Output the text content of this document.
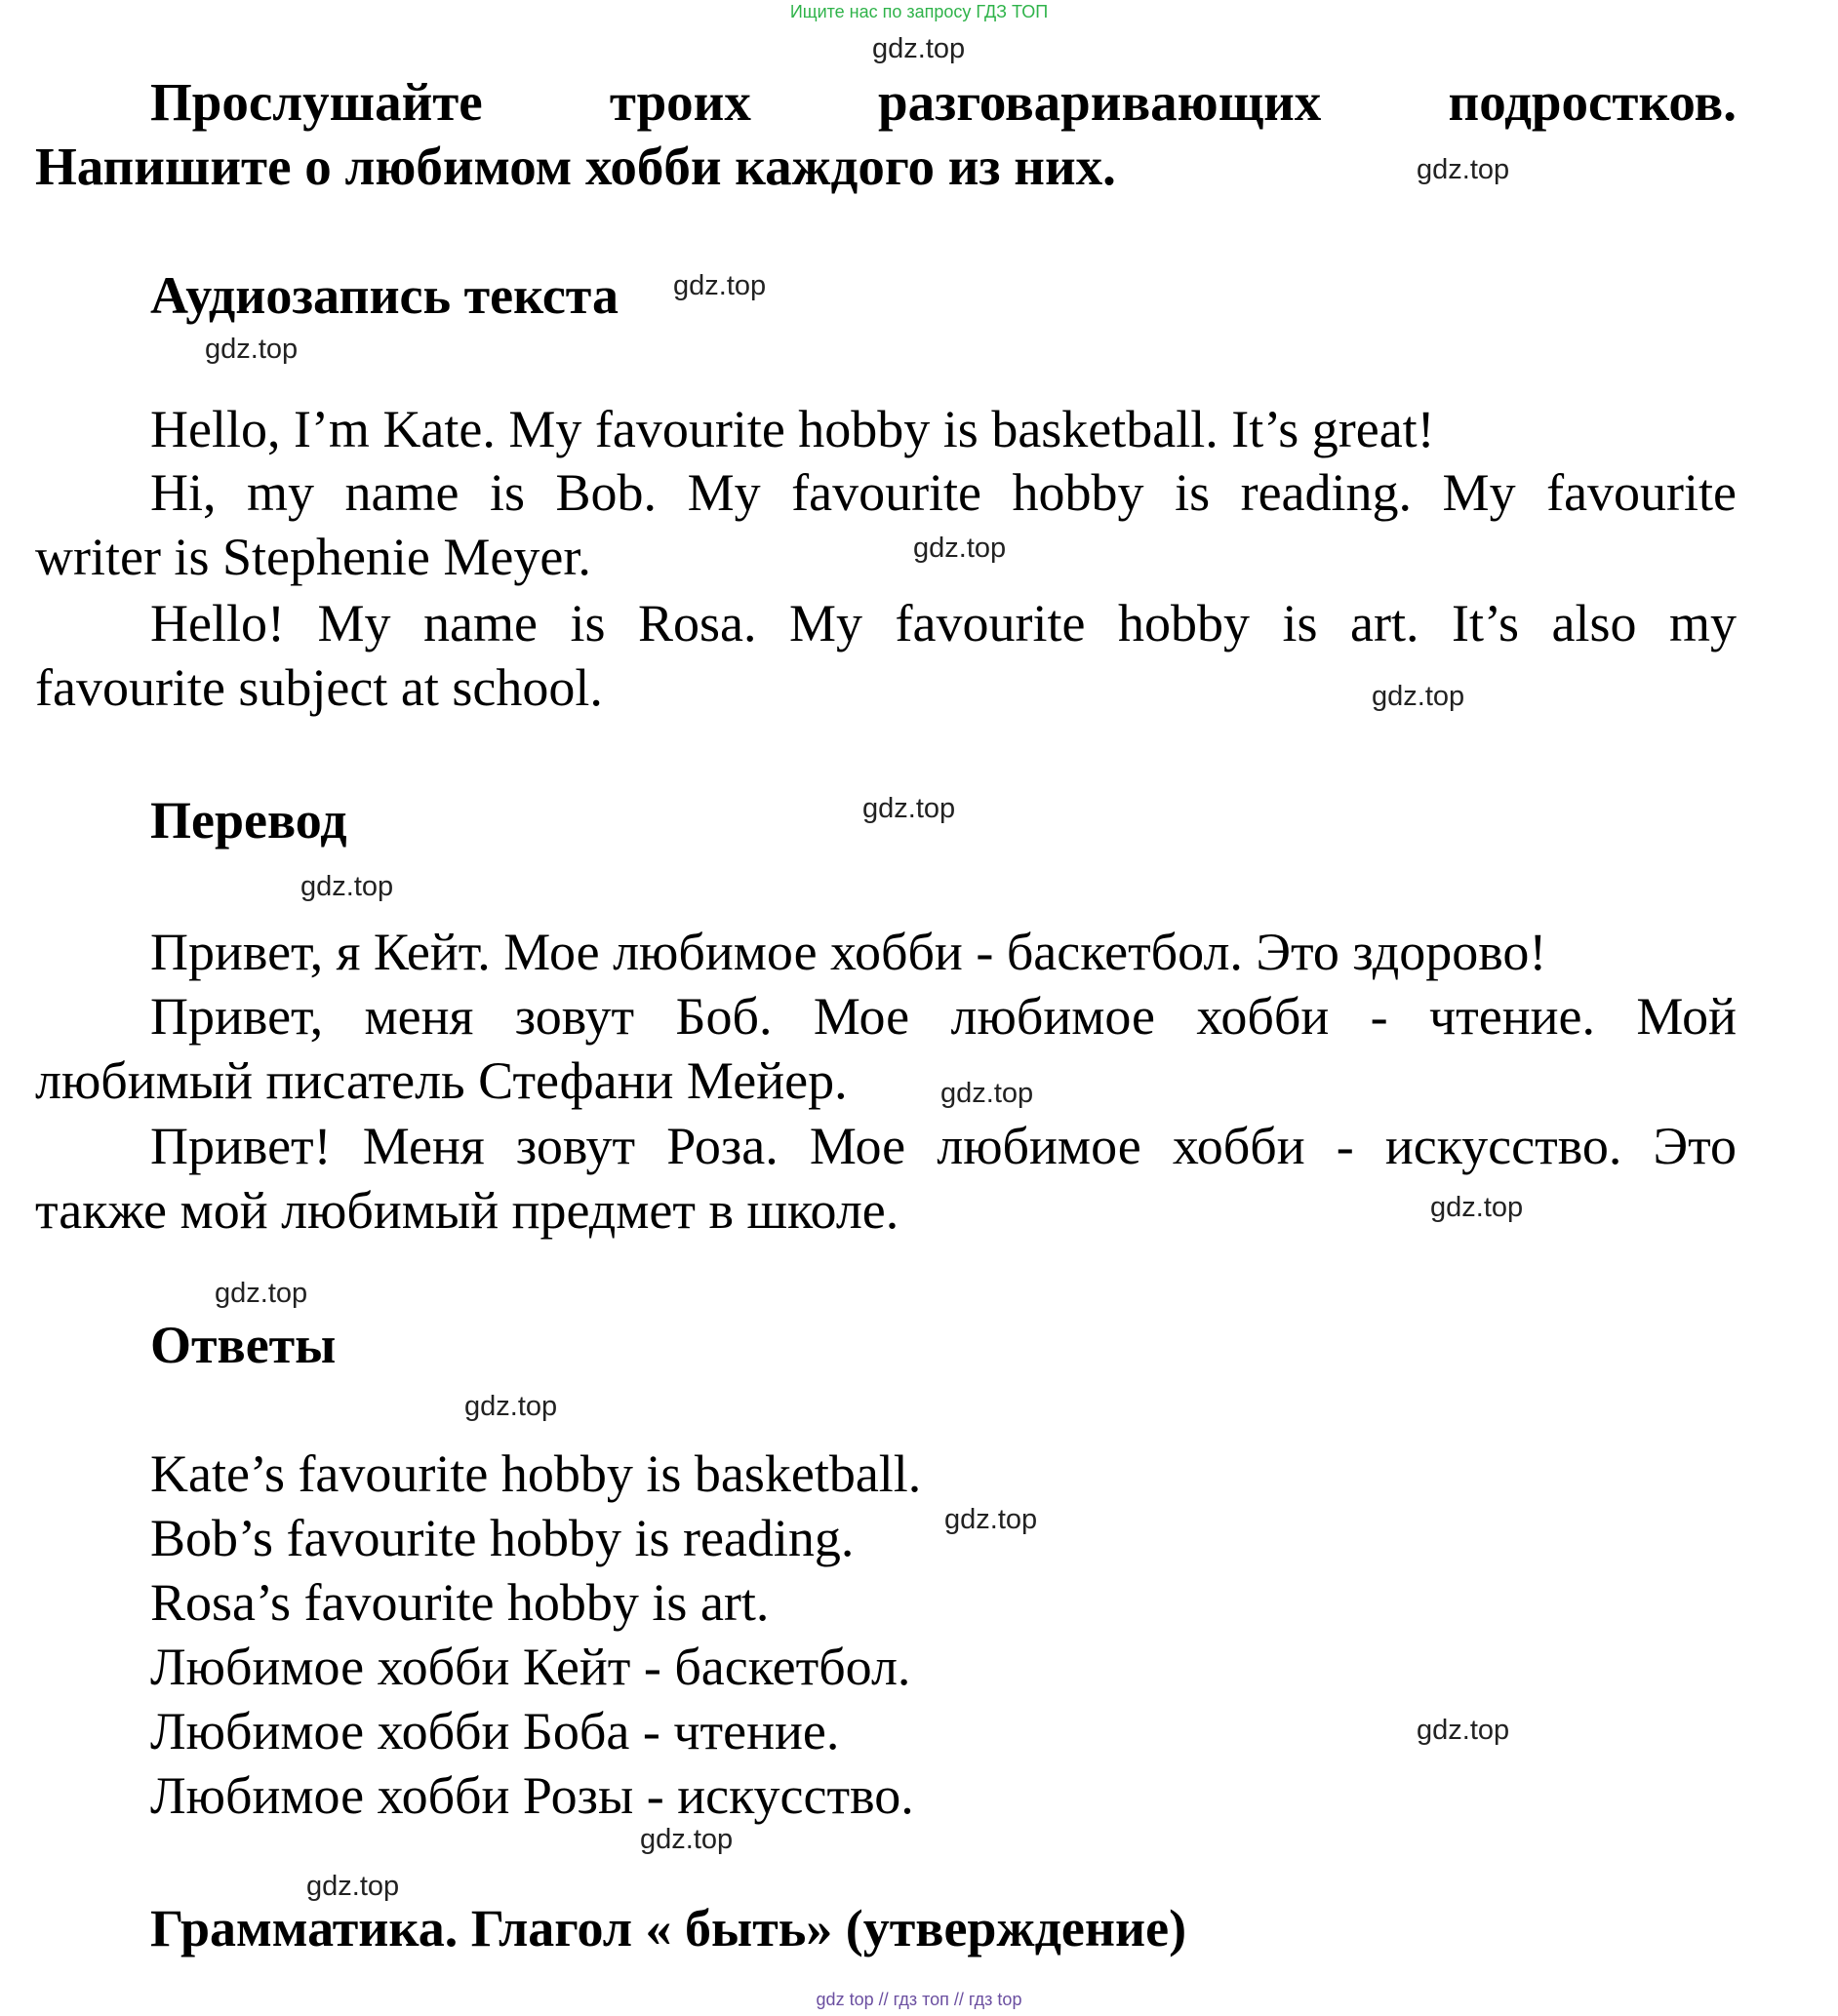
Ищите нас по запросу ГДЗ ТОП
Прослушайте троих разговаривающих подростков.
Напишите о любимом хобби каждого из них.
Аудиозапись текста
Hello, I’m Kate. My favourite hobby is basketball. It’s great!
Hi, my name is Bob. My favourite hobby is reading. My favourite
writer is Stephenie Meyer.
Hello! My name is Rosa. My favourite hobby is art. It’s also my
favourite subject at school.
Перевод
Привет, я Кейт. Мое любимое хобби - баскетбол. Это здорово!
Привет, меня зовут Боб. Мое любимое хобби - чтение. Мой
любимый писатель Стефани Мейер.
Привет! Меня зовут Роза. Мое любимое хобби - искусство. Это
также мой любимый предмет в школе.
Ответы
Kate’s favourite hobby is basketball.
Bob’s favourite hobby is reading.
Rosa’s favourite hobby is art.
Любимое хобби Кейт - баскетбол.
Любимое хобби Боба - чтение.
Любимое хобби Розы - искусство.
Грамматика. Глагол « быть» (утверждение)
gdz.top
gdz.top
gdz.top
gdz.top
gdz.top
gdz.top
gdz.top
gdz.top
gdz.top
gdz.top
gdz.top
gdz.top
gdz.top
gdz.top
gdz.top
gdz.top
gdz top // гдз топ // гдз top
